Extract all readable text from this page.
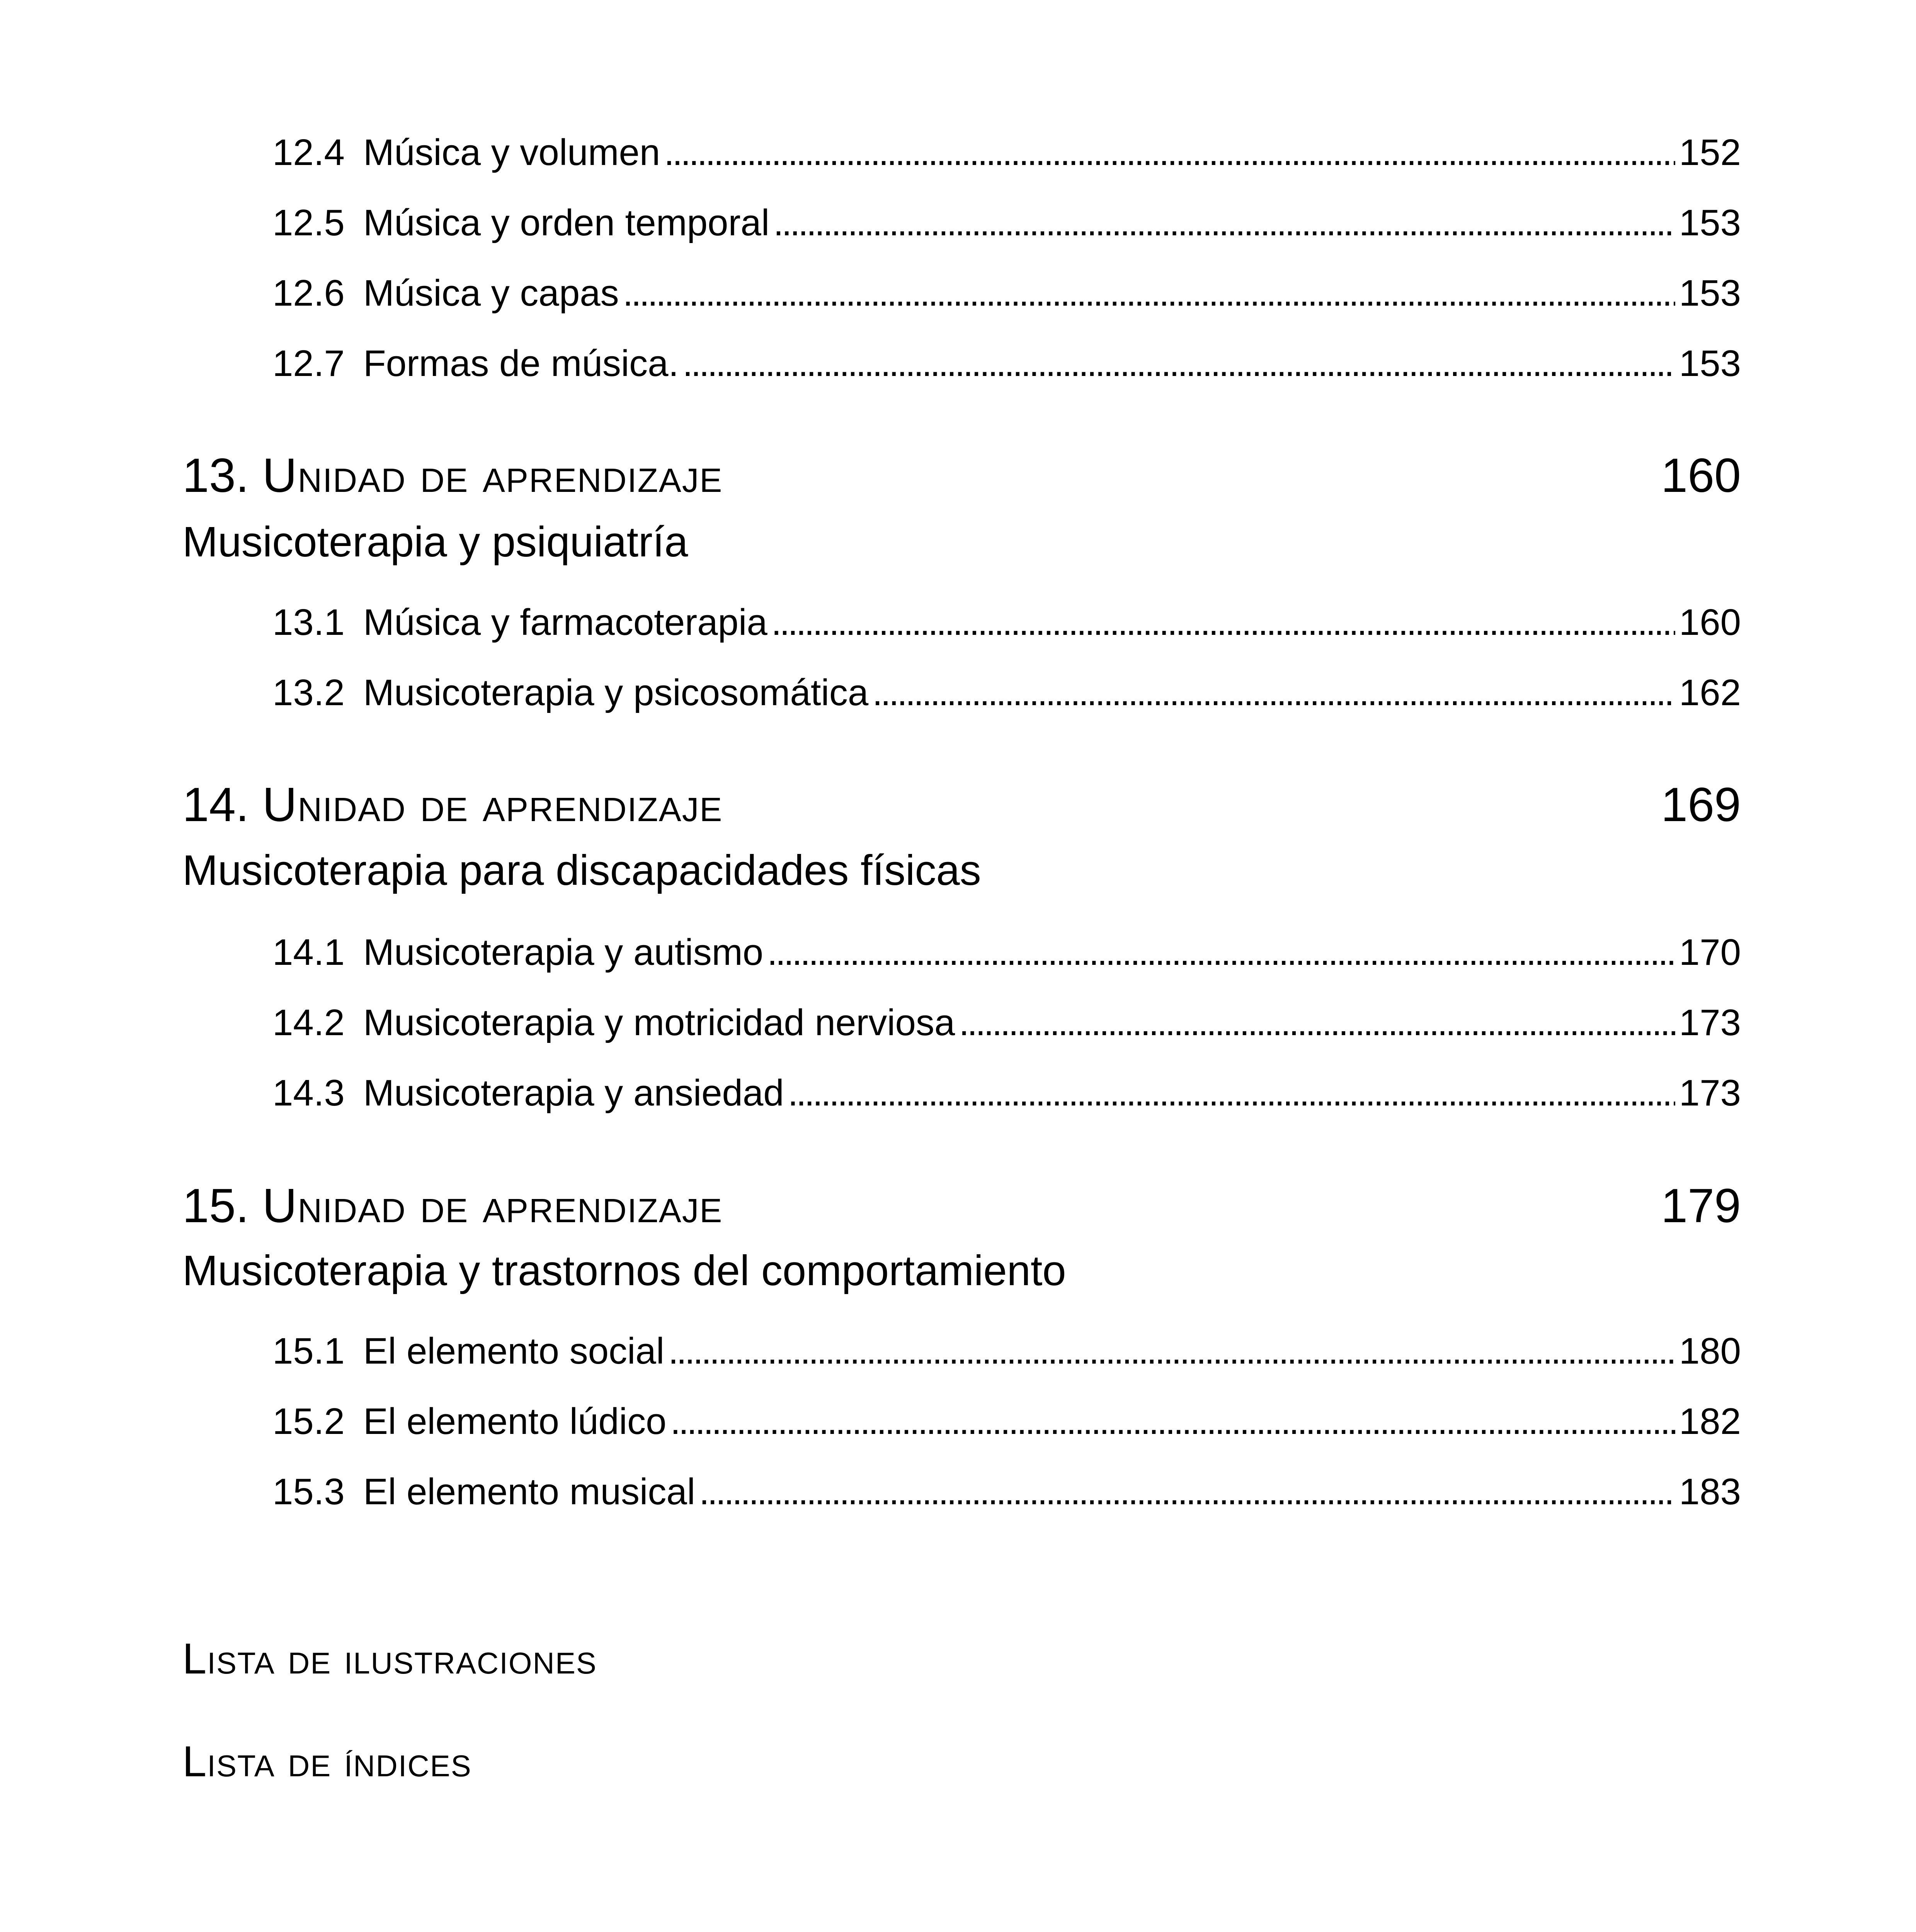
12.4 Música y volumen . . .	152
12.5 Música y orden temporal . . .	153
12.6 Música y capas . . .	153
12.7 Formas de música. . . .	153
13. Unidad de aprendizaje	160
Musicoterapia y psiquiatría
13.1 Música y farmacoterapia . . .	160
13.2 Musicoterapia y psicosomática . . .	162
14. Unidad de aprendizaje	169
Musicoterapia para discapacidades físicas
14.1 Musicoterapia y autismo . . .	170
14.2 Musicoterapia y motricidad nerviosa . . .	173
14.3 Musicoterapia y ansiedad . . .	173
15. Unidad de aprendizaje	179
Musicoterapia y trastornos del comportamiento
15.1 El elemento social . . .	180
15.2 El elemento lúdico . . .	182
15.3 El elemento musical . . .	183
Lista de ilustraciones
Lista de índices
